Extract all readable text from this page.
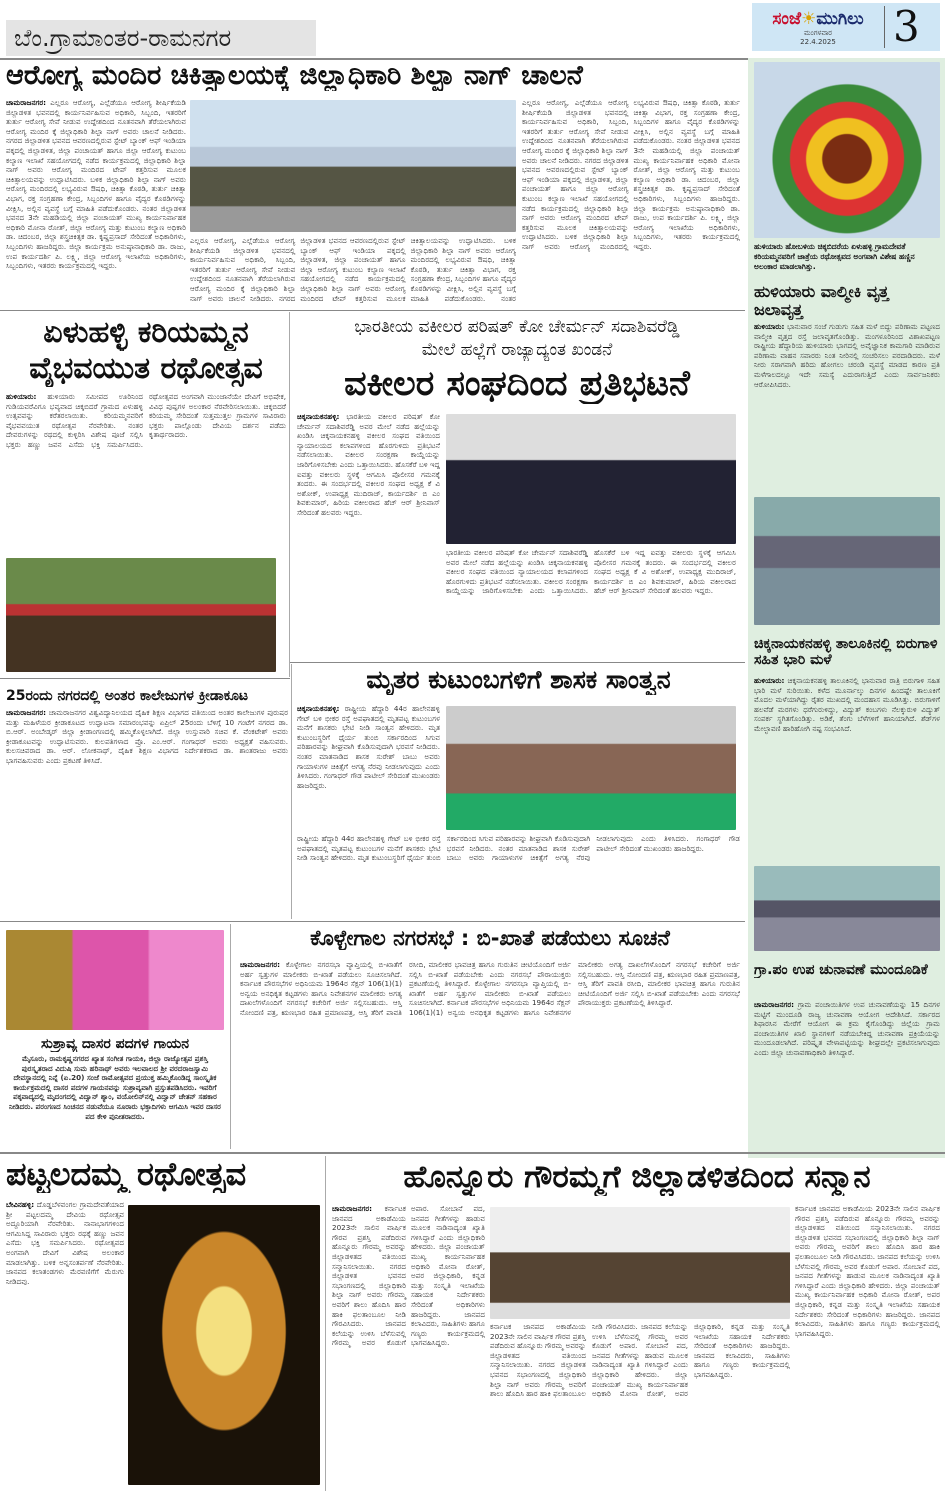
ಬೆಂ.ಗ್ರಾಮಾಂತರ-ರಾಮನಗರ
ಸಂಜೆ☀ಮುಗಿಲು
ಮಂಗಳವಾರ
22.4.2025	3
ಹುಳಿಯಾರು ಹೋಬಳಿಯ ಚಿಕ್ಕಬಿದರೆಯ ಏಳುಹಳ್ಳಿ ಗ್ರಾಮದೇವತೆ ಕರಿಯಮ್ಮನವರಿಗೆ ಜಾತ್ರೆಯ ರಥೋತ್ಸವದ ಅಂಗವಾಗಿ ವಿಶೇಷ ಹಣ್ಣಿನ ಅಲಂಕಾರ ಮಾಡಲಾಗಿತ್ತು.
ಹುಳಿಯಾರು ವಾಲ್ಮೀಕಿ ವೃತ್ತ ಜಲಾವೃತ್ತ
ಹುಳಿಯಾರು: ಭಾನುವಾರ ಸಂಜೆ ಗುಡುಗು ಸಹಿತ ಮಳೆ ಬಿದ್ದು ಪರಿಣಾಮ ಪಟ್ಟಣದ ವಾಲ್ಮೀಕಿ ವೃತ್ತದ ರಸ್ತೆ ಜಲಾವೃತಗೊಂಡಿತ್ತು. ಮಂಗಳೂರಿನಿಂದ ವಿಶಾಖಪಟ್ಟಣ ರಾಷ್ಟ್ರೀಯ ಹೆದ್ದಾರಿಯ ಹುಳಿಯಾರು ಭಾಗದಲ್ಲಿ ಅವೈಜ್ಞಾನಿಕ ಕಾಮಗಾರಿ ಮಾಡಿರುವ ಪರಿಣಾಮ ವಾಹನ ಸವಾರರು ನಿಂತ ನೀರಿನಲ್ಲಿ ಸಂಚರಿಸಲು ಪರದಾಡಿದರು. ಮಳೆ ನೀರು ಸರಾಗವಾಗಿ ಹರಿದು ಹೋಗಲು ಚರಂಡಿ ವ್ಯವಸ್ಥೆ ಮಾಡದ ಕಾರಣ ಪ್ರತಿ ಮಳೆಗಾಲದಲ್ಲೂ ಇದೇ ಸಮಸ್ಯೆ ಎದುರಾಗುತ್ತಿದೆ ಎಂದು ಸಾರ್ವಜನಿಕರು ಆರೋಪಿಸಿದರು.
ಚಿಕ್ಕನಾಯಕನಹಳ್ಳಿ ತಾಲೂಕಿನಲ್ಲಿ ಬಿರುಗಾಳಿ ಸಹಿತ ಭಾರಿ ಮಳೆ
ಹುಳಿಯಾರು: ಚಿಕ್ಕನಾಯಕನಹಳ್ಳಿ ತಾಲೂಕಿನಲ್ಲಿ ಭಾನುವಾರ ರಾತ್ರಿ ಬಿರುಗಾಳಿ ಸಹಿತ ಭಾರಿ ಮಳೆ ಸುರಿಯಿತು. ಕಳೆದ ಮೂರ್ನಾಲ್ಕು ದಿನಗಳ ಹಿಂದಷ್ಟೇ ತಾಲೂಕಿಗೆ ಮೊದಲ ಮಳೆಯಾಗಿದ್ದು ರೈತರ ಮುಖದಲ್ಲಿ ಮಂದಹಾಸ ಮೂಡಿಸಿತ್ತು. ಬಿರುಗಾಳಿಗೆ ಹಲವೆಡೆ ಮರಗಳು ಧರೆಗುರುಳಿದ್ದು, ವಿದ್ಯುತ್ ಕಂಬಗಳು ನೆಲಕ್ಕುರುಳಿ ವಿದ್ಯುತ್ ಸಂಪರ್ಕ ಸ್ಥಗಿತಗೊಂಡಿತ್ತು. ಅಡಿಕೆ, ತೆಂಗು ಬೆಳೆಗಳಿಗೆ ಹಾನಿಯಾಗಿದೆ. ಶೆಡ್‌ಗಳ ಮೇಲ್ಛಾವಣಿ ಹಾರಿಹೋಗಿ ನಷ್ಟ ಸಂಭವಿಸಿದೆ.
ಗ್ರಾ.ಪಂ ಉಪ ಚುನಾವಣೆ ಮುಂದೂಡಿಕೆ
ಚಾಮರಾಜನಗರ: ಗ್ರಾಮ ಪಂಚಾಯಿತಿಗಳ ಉಪ ಚುನಾವಣೆಯನ್ನು 15 ದಿನಗಳ ಮಟ್ಟಿಗೆ ಮುಂದೂಡಿ ರಾಜ್ಯ ಚುನಾವಣಾ ಆಯೋಗ ಆದೇಶಿಸಿದೆ. ಸರ್ಕಾರದ ಶಿಫಾರಸಿನ ಮೇರೆಗೆ ಆಯೋಗ ಈ ಕ್ರಮ ಕೈಗೊಂಡಿದ್ದು ಜಿಲ್ಲೆಯ ಗ್ರಾಮ ಪಂಚಾಯಿತಿಗಳ ಖಾಲಿ ಸ್ಥಾನಗಳಿಗೆ ನಡೆಯಬೇಕಿದ್ದ ಚುನಾವಣಾ ಪ್ರಕ್ರಿಯೆಯನ್ನು ಮುಂದೂಡಲಾಗಿದೆ. ಪರಿಷ್ಕೃತ ವೇಳಾಪಟ್ಟಿಯನ್ನು ಶೀಘ್ರದಲ್ಲೇ ಪ್ರಕಟಿಸಲಾಗುವುದು ಎಂದು ಜಿಲ್ಲಾ ಚುನಾವಣಾಧಿಕಾರಿ ತಿಳಿಸಿದ್ದಾರೆ.
ಆರೋಗ್ಯ ಮಂದಿರ ಚಿಕಿತ್ಸಾಲಯಕ್ಕೆ ಜಿಲ್ಲಾಧಿಕಾರಿ ಶಿಲ್ಪಾ ನಾಗ್ ಚಾಲನೆ
ಚಾಮರಾಜನಗರ: ಎಲ್ಲರೂ ಆರೋಗ್ಯ, ಎಲ್ಲೆಡೆಯೂ ಆರೋಗ್ಯ ಶೀರ್ಷಿಕೆಯಡಿ ಜಿಲ್ಲಾಡಳಿತ ಭವನದಲ್ಲಿ ಕಾರ್ಯನಿರ್ವಹಿಸುವ ಅಧಿಕಾರಿ, ಸಿಬ್ಬಂದಿ, ಇತರರಿಗೆ ತುರ್ತು ಆರೋಗ್ಯ ಸೇವೆ ನೀಡುವ ಉದ್ದೇಶದಿಂದ ನೂತನವಾಗಿ ತೆರೆಯಲಾಗಿರುವ ಆರೋಗ್ಯ ಮಂದಿರ ಕ್ಕೆ ಜಿಲ್ಲಾಧಿಕಾರಿ ಶಿಲ್ಪಾ ನಾಗ್ ಅವರು ಚಾಲನೆ ನೀಡಿದರು. ನಗರದ ಜಿಲ್ಲಾಡಳಿತ ಭವನದ ಆವರಣದಲ್ಲಿರುವ ಸ್ಟೇಟ್ ಬ್ಯಾಂಕ್ ಆಫ್ ಇಂಡಿಯಾ ಪಕ್ಕದಲ್ಲಿ ಜಿಲ್ಲಾಡಳಿತ, ಜಿಲ್ಲಾ ಪಂಚಾಯತ್ ಹಾಗೂ ಜಿಲ್ಲಾ ಆರೋಗ್ಯ ಕುಟುಂಬ ಕಲ್ಯಾಣ ಇಲಾಖೆ ಸಹಯೋಗದಲ್ಲಿ ನಡೆದ ಕಾರ್ಯಕ್ರಮದಲ್ಲಿ ಜಿಲ್ಲಾಧಿಕಾರಿ ಶಿಲ್ಪಾ ನಾಗ್ ಅವರು ಆರೋಗ್ಯ ಮಂದಿರದ ಟೇಪ್ ಕತ್ತರಿಸುವ ಮೂಲಕ ಚಿಕಿತ್ಸಾಲಯವನ್ನು ಉದ್ಘಾಟಿಸಿದರು. ಬಳಿಕ ಜಿಲ್ಲಾಧಿಕಾರಿ ಶಿಲ್ಪಾ ನಾಗ್ ಅವರು ಆರೋಗ್ಯ ಮಂದಿರದಲ್ಲಿ ಲಭ್ಯವಿರುವ ಔಷಧಿ, ಚಿಕಿತ್ಸಾ ಕೊಠಡಿ, ತುರ್ತು ಚಿಕಿತ್ಸಾ ವಿಭಾಗ, ರಕ್ತ ಸಂಗ್ರಹಣಾ ಕೇಂದ್ರ, ಸಿಬ್ಬಂದಿಗಳ ಹಾಗೂ ವೈದ್ಯರ ಕೊಠಡಿಗಳನ್ನು ವೀಕ್ಷಿಸಿ, ಅಲ್ಲಿನ ವ್ಯವಸ್ಥೆ ಬಗ್ಗೆ ಮಾಹಿತಿ ಪಡೆದುಕೊಂಡರು. ನಂತರ ಜಿಲ್ಲಾಡಳಿತ ಭವನದ 3ನೇ ಮಹಡಿಯಲ್ಲಿ ಜಿಲ್ಲಾ ಪಂಚಾಯತ್ ಮುಖ್ಯ ಕಾರ್ಯನಿರ್ವಾಹಕ ಅಧಿಕಾರಿ ಮೋನಾ ರೋತ್, ಜಿಲ್ಲಾ ಆರೋಗ್ಯ ಮತ್ತು ಕುಟುಂಬ ಕಲ್ಯಾಣ ಅಧಿಕಾರಿ ಡಾ. ಚಿದಂಬರ, ಜಿಲ್ಲಾ ಶಸ್ತ್ರಚಿಕಿತ್ಸಕ ಡಾ. ಕೃಷ್ಣಪ್ರಸಾದ್ ಸೇರಿದಂತೆ ಅಧಿಕಾರಿಗಳು, ಸಿಬ್ಬಂದಿಗಳು ಹಾಜರಿದ್ದರು. ಜಿಲ್ಲಾ ಕಾರ್ಯಕ್ರಮ ಅನುಷ್ಠಾನಾಧಿಕಾರಿ ಡಾ. ರಾಜು, ಉಪ ಕಾರ್ಯದರ್ಶಿ ಪಿ. ಲಕ್ಷ್ಮಿ, ಜಿಲ್ಲಾ ಆರೋಗ್ಯ ಇಲಾಖೆಯ ಅಧಿಕಾರಿಗಳು, ಸಿಬ್ಬಂದಿಗಳು, ಇತರರು ಕಾರ್ಯಕ್ರಮದಲ್ಲಿ ಇದ್ದರು.
ಎಲ್ಲರೂ ಆರೋಗ್ಯ, ಎಲ್ಲೆಡೆಯೂ ಆರೋಗ್ಯ ಶೀರ್ಷಿಕೆಯಡಿ ಜಿಲ್ಲಾಡಳಿತ ಭವನದಲ್ಲಿ ಕಾರ್ಯನಿರ್ವಹಿಸುವ ಅಧಿಕಾರಿ, ಸಿಬ್ಬಂದಿ, ಇತರರಿಗೆ ತುರ್ತು ಆರೋಗ್ಯ ಸೇವೆ ನೀಡುವ ಉದ್ದೇಶದಿಂದ ನೂತನವಾಗಿ ತೆರೆಯಲಾಗಿರುವ ಆರೋಗ್ಯ ಮಂದಿರ ಕ್ಕೆ ಜಿಲ್ಲಾಧಿಕಾರಿ ಶಿಲ್ಪಾ ನಾಗ್ ಅವರು ಚಾಲನೆ ನೀಡಿದರು. ನಗರದ ಜಿಲ್ಲಾಡಳಿತ ಭವನದ ಆವರಣದಲ್ಲಿರುವ ಸ್ಟೇಟ್ ಬ್ಯಾಂಕ್ ಆಫ್ ಇಂಡಿಯಾ ಪಕ್ಕದಲ್ಲಿ ಜಿಲ್ಲಾಡಳಿತ, ಜಿಲ್ಲಾ ಪಂಚಾಯತ್ ಹಾಗೂ ಜಿಲ್ಲಾ ಆರೋಗ್ಯ ಕುಟುಂಬ ಕಲ್ಯಾಣ ಇಲಾಖೆ ಸಹಯೋಗದಲ್ಲಿ ನಡೆದ ಕಾರ್ಯಕ್ರಮದಲ್ಲಿ ಜಿಲ್ಲಾಧಿಕಾರಿ ಶಿಲ್ಪಾ ನಾಗ್ ಅವರು ಆರೋಗ್ಯ ಮಂದಿರದ ಟೇಪ್ ಕತ್ತರಿಸುವ ಮೂಲಕ ಚಿಕಿತ್ಸಾಲಯವನ್ನು ಉದ್ಘಾಟಿಸಿದರು. ಬಳಿಕ ಜಿಲ್ಲಾಧಿಕಾರಿ ಶಿಲ್ಪಾ ನಾಗ್ ಅವರು ಆರೋಗ್ಯ ಮಂದಿರದಲ್ಲಿ ಲಭ್ಯವಿರುವ ಔಷಧಿ, ಚಿಕಿತ್ಸಾ ಕೊಠಡಿ, ತುರ್ತು ಚಿಕಿತ್ಸಾ ವಿಭಾಗ, ರಕ್ತ ಸಂಗ್ರಹಣಾ ಕೇಂದ್ರ, ಸಿಬ್ಬಂದಿಗಳ ಹಾಗೂ ವೈದ್ಯರ ಕೊಠಡಿಗಳನ್ನು ವೀಕ್ಷಿಸಿ, ಅಲ್ಲಿನ ವ್ಯವಸ್ಥೆ ಬಗ್ಗೆ ಮಾಹಿತಿ ಪಡೆದುಕೊಂಡರು. ನಂತರ
ಎಲ್ಲರೂ ಆರೋಗ್ಯ, ಎಲ್ಲೆಡೆಯೂ ಆರೋಗ್ಯ ಶೀರ್ಷಿಕೆಯಡಿ ಜಿಲ್ಲಾಡಳಿತ ಭವನದಲ್ಲಿ ಕಾರ್ಯನಿರ್ವಹಿಸುವ ಅಧಿಕಾರಿ, ಸಿಬ್ಬಂದಿ, ಇತರರಿಗೆ ತುರ್ತು ಆರೋಗ್ಯ ಸೇವೆ ನೀಡುವ ಉದ್ದೇಶದಿಂದ ನೂತನವಾಗಿ ತೆರೆಯಲಾಗಿರುವ ಆರೋಗ್ಯ ಮಂದಿರ ಕ್ಕೆ ಜಿಲ್ಲಾಧಿಕಾರಿ ಶಿಲ್ಪಾ ನಾಗ್ ಅವರು ಚಾಲನೆ ನೀಡಿದರು. ನಗರದ ಜಿಲ್ಲಾಡಳಿತ ಭವನದ ಆವರಣದಲ್ಲಿರುವ ಸ್ಟೇಟ್ ಬ್ಯಾಂಕ್ ಆಫ್ ಇಂಡಿಯಾ ಪಕ್ಕದಲ್ಲಿ ಜಿಲ್ಲಾಡಳಿತ, ಜಿಲ್ಲಾ ಪಂಚಾಯತ್ ಹಾಗೂ ಜಿಲ್ಲಾ ಆರೋಗ್ಯ ಕುಟುಂಬ ಕಲ್ಯಾಣ ಇಲಾಖೆ ಸಹಯೋಗದಲ್ಲಿ ನಡೆದ ಕಾರ್ಯಕ್ರಮದಲ್ಲಿ ಜಿಲ್ಲಾಧಿಕಾರಿ ಶಿಲ್ಪಾ ನಾಗ್ ಅವರು ಆರೋಗ್ಯ ಮಂದಿರದ ಟೇಪ್ ಕತ್ತರಿಸುವ ಮೂಲಕ ಚಿಕಿತ್ಸಾಲಯವನ್ನು ಉದ್ಘಾಟಿಸಿದರು. ಬಳಿಕ ಜಿಲ್ಲಾಧಿಕಾರಿ ಶಿಲ್ಪಾ ನಾಗ್ ಅವರು ಆರೋಗ್ಯ ಮಂದಿರದಲ್ಲಿ ಲಭ್ಯವಿರುವ ಔಷಧಿ, ಚಿಕಿತ್ಸಾ ಕೊಠಡಿ, ತುರ್ತು ಚಿಕಿತ್ಸಾ ವಿಭಾಗ, ರಕ್ತ ಸಂಗ್ರಹಣಾ ಕೇಂದ್ರ, ಸಿಬ್ಬಂದಿಗಳ ಹಾಗೂ ವೈದ್ಯರ ಕೊಠಡಿಗಳನ್ನು ವೀಕ್ಷಿಸಿ, ಅಲ್ಲಿನ ವ್ಯವಸ್ಥೆ ಬಗ್ಗೆ ಮಾಹಿತಿ ಪಡೆದುಕೊಂಡರು. ನಂತರ ಜಿಲ್ಲಾಡಳಿತ ಭವನದ 3ನೇ ಮಹಡಿಯಲ್ಲಿ ಜಿಲ್ಲಾ ಪಂಚಾಯತ್ ಮುಖ್ಯ ಕಾರ್ಯನಿರ್ವಾಹಕ ಅಧಿಕಾರಿ ಮೋನಾ ರೋತ್, ಜಿಲ್ಲಾ ಆರೋಗ್ಯ ಮತ್ತು ಕುಟುಂಬ ಕಲ್ಯಾಣ ಅಧಿಕಾರಿ ಡಾ. ಚಿದಂಬರ, ಜಿಲ್ಲಾ ಶಸ್ತ್ರಚಿಕಿತ್ಸಕ ಡಾ. ಕೃಷ್ಣಪ್ರಸಾದ್ ಸೇರಿದಂತೆ ಅಧಿಕಾರಿಗಳು, ಸಿಬ್ಬಂದಿಗಳು ಹಾಜರಿದ್ದರು. ಜಿಲ್ಲಾ ಕಾರ್ಯಕ್ರಮ ಅನುಷ್ಠಾನಾಧಿಕಾರಿ ಡಾ. ರಾಜು, ಉಪ ಕಾರ್ಯದರ್ಶಿ ಪಿ. ಲಕ್ಷ್ಮಿ, ಜಿಲ್ಲಾ ಆರೋಗ್ಯ ಇಲಾಖೆಯ ಅಧಿಕಾರಿಗಳು, ಸಿಬ್ಬಂದಿಗಳು, ಇತರರು ಕಾರ್ಯಕ್ರಮದಲ್ಲಿ ಇದ್ದರು.
ಏಳುಹಳ್ಳಿ ಕರಿಯಮ್ಮನ
ವೈಭವಯುತ ರಥೋತ್ಸವ
ಹುಳಿಯಾರು: ಹುಳಿಯಾರು ಸಮೀಪದ ಊರಿನಿಂದ ಗುಡಿಯವರೆವಿಗೂ ಭವ್ಯವಾದ ಚಿಕ್ಕಬಿದರೆ ಗ್ರಾಮದ ಏಳುಹಳ್ಳಿ ಉತ್ಸವವನ್ನು ಕರೆತರಲಾಯಿತು. ಕರಿಯಮ್ಮನವರಿಗೆ ವೈಭವವಯುತ ರಥೋತ್ಸವ ನೆರವೇರಿತು. ನಂತರ ದೇವರುಗಳನ್ನು ರಥದಲ್ಲಿ ಕುಳ್ಳಿರಿಸಿ ವಿಶೇಷ ಪೂಜೆ ಸಲ್ಲಿಸಿ ಭಕ್ತರು ಹಣ್ಣು ಜವನ ಎಸೆದು ಭಕ್ತಿ ಸಮರ್ಪಿಸಿದರು. ರಥೋತ್ಸವದ ಅಂಗವಾಗಿ ಮುಂಜಾನೆಯೇ ದೇವಿಗೆ ಅಭಿಷೇಕ, ವಿವಿಧ ಪುಷ್ಪಗಳ ಅಲಂಕಾರ ನೆರವೇರಿಸಲಾಯಿತು. ಚಿಕ್ಕಬಿದರೆ ಕರಿಯಮ್ಮ ಸೇರಿದಂತೆ ಸುತ್ತಮುತ್ತಲ ಗ್ರಾಮಗಳ ಸಾವಿರಾರು ಭಕ್ತರು ಪಾಲ್ಗೊಂಡು ದೇವಿಯ ದರ್ಶನ ಪಡೆದು ಕೃತಾರ್ಥರಾದರು.
ಭಾರತೀಯ ವಕೀಲರ ಪರಿಷತ್ ಕೋ ಚೇರ್ಮನ್ ಸದಾಶಿವರೆಡ್ಡಿ
ಮೇಲೆ ಹಲ್ಲೆಗೆ ರಾಜ್ಯಾದ್ಯಂತ ಖಂಡನೆ
ವಕೀಲರ ಸಂಘದಿಂದ ಪ್ರತಿಭಟನೆ
ಚಿಕ್ಕನಾಯಕನಹಳ್ಳಿ: ಭಾರತೀಯ ವಕೀಲರ ಪರಿಷತ್ ಕೋ ಚೇರ್ಮನ್ ಸದಾಶಿವರೆಡ್ಡಿ ಅವರ ಮೇಲೆ ನಡೆದ ಹಲ್ಲೆಯನ್ನು ಖಂಡಿಸಿ ಚಿಕ್ಕನಾಯಕನಹಳ್ಳಿ ವಕೀಲರ ಸಂಘದ ವತಿಯಿಂದ ನ್ಯಾಯಾಲಯದ ಕಲಾಪಗಳಿಂದ ಹೊರಗುಳಿದು ಪ್ರತಿಭಟನೆ ನಡೆಸಲಾಯಿತು. ವಕೀಲರ ಸಂರಕ್ಷಣಾ ಕಾಯ್ದೆಯನ್ನು ಜಾರಿಗೊಳಿಸಬೇಕು ಎಂದು ಒತ್ತಾಯಿಸಿದರು. ಹೊಸಕೆರೆ ಬಳಿ ಇದ್ದ ಐವತ್ತು ವಕೀಲರು ಸ್ಥಳಕ್ಕೆ ಆಗಮಿಸಿ ಪೊಲೀಸರ ಗಮನಕ್ಕೆ ತಂದರು. ಈ ಸಂದರ್ಭದಲ್ಲಿ ವಕೀಲರ ಸಂಘದ ಅಧ್ಯಕ್ಷ ಕೆ ವಿ ಅಶೋಕ್, ಉಪಾಧ್ಯಕ್ಷ ಮುದಿರಾಜ್, ಕಾರ್ಯದರ್ಶಿ ಬಿ ಎಂ ಶಿವಕುಮಾರ್, ಹಿರಿಯ ವಕೀಲರಾದ ಹೆಚ್ ಆರ್ ಶ್ರೀನಿವಾಸ್ ಸೇರಿದಂತೆ ಹಲವರು ಇದ್ದರು.
ಭಾರತೀಯ ವಕೀಲರ ಪರಿಷತ್ ಕೋ ಚೇರ್ಮನ್ ಸದಾಶಿವರೆಡ್ಡಿ ಅವರ ಮೇಲೆ ನಡೆದ ಹಲ್ಲೆಯನ್ನು ಖಂಡಿಸಿ ಚಿಕ್ಕನಾಯಕನಹಳ್ಳಿ ವಕೀಲರ ಸಂಘದ ವತಿಯಿಂದ ನ್ಯಾಯಾಲಯದ ಕಲಾಪಗಳಿಂದ ಹೊರಗುಳಿದು ಪ್ರತಿಭಟನೆ ನಡೆಸಲಾಯಿತು. ವಕೀಲರ ಸಂರಕ್ಷಣಾ ಕಾಯ್ದೆಯನ್ನು ಜಾರಿಗೊಳಿಸಬೇಕು ಎಂದು ಒತ್ತಾಯಿಸಿದರು. ಹೊಸಕೆರೆ ಬಳಿ ಇದ್ದ ಐವತ್ತು ವಕೀಲರು ಸ್ಥಳಕ್ಕೆ ಆಗಮಿಸಿ ಪೊಲೀಸರ ಗಮನಕ್ಕೆ ತಂದರು. ಈ ಸಂದರ್ಭದಲ್ಲಿ ವಕೀಲರ ಸಂಘದ ಅಧ್ಯಕ್ಷ ಕೆ ವಿ ಅಶೋಕ್, ಉಪಾಧ್ಯಕ್ಷ ಮುದಿರಾಜ್, ಕಾರ್ಯದರ್ಶಿ ಬಿ ಎಂ ಶಿವಕುಮಾರ್, ಹಿರಿಯ ವಕೀಲರಾದ ಹೆಚ್ ಆರ್ ಶ್ರೀನಿವಾಸ್ ಸೇರಿದಂತೆ ಹಲವರು ಇದ್ದರು.
25ರಂದು ನಗರದಲ್ಲಿ ಅಂತರ ಕಾಲೇಜುಗಳ ಕ್ರೀಡಾಕೂಟ
ಚಾಮರಾಜನಗರ: ಚಾಮರಾಜನಗರ ವಿಶ್ವವಿದ್ಯಾನಿಲಯದ ದೈಹಿಕ ಶಿಕ್ಷಣ ವಿಭಾಗದ ವತಿಯಿಂದ ಅಂತರ ಕಾಲೇಜುಗಳ ಪುರುಷರ ಮತ್ತು ಮಹಿಳೆಯರ ಕ್ರೀಡಾಕೂಟದ ಉದ್ಘಾಟನಾ ಸಮಾರಂಭವನ್ನು ಏಪ್ರಿಲ್ 25ರಂದು ಬೆಳಿಗ್ಗೆ 10 ಗಂಟೆಗೆ ನಗರದ ಡಾ. ಬಿ.ಆರ್. ಅಂಬೇಡ್ಕರ್ ಜಿಲ್ಲಾ ಕ್ರೀಡಾಂಗಣದಲ್ಲಿ ಹಮ್ಮಿಕೊಳ್ಳಲಾಗಿದೆ. ಜಿಲ್ಲಾ ಉಸ್ತುವಾರಿ ಸಚಿವ ಕೆ. ವೆಂಕಟೇಶ್ ಅವರು ಕ್ರೀಡಾಕೂಟವನ್ನು ಉದ್ಘಾಟಿಸುವರು. ಕುಲಪತಿಗಳಾದ ಪ್ರೊ. ಎಂ.ಆರ್. ಗಂಗಾಧರ್ ಅವರು ಅಧ್ಯಕ್ಷತೆ ವಹಿಸುವರು. ಕುಲಸಚಿವರಾದ ಡಾ. ಆರ್. ಲೋಕನಾಥ್, ದೈಹಿಕ ಶಿಕ್ಷಣ ವಿಭಾಗದ ನಿರ್ದೇಶಕರಾದ ಡಾ. ಶಾಂತರಾಜು ಅವರು ಭಾಗವಹಿಸುವರು ಎಂದು ಪ್ರಕಟಣೆ ತಿಳಿಸಿದೆ.
ಮೃತರ ಕುಟುಂಬಗಳಿಗೆ ಶಾಸಕ ಸಾಂತ್ವನ
ಚಿಕ್ಕನಾಯಕನಹಳ್ಳಿ: ರಾಷ್ಟ್ರೀಯ ಹೆದ್ದಾರಿ 44ರ ಹಾಲೇನಹಳ್ಳಿ ಗೇಟ್ ಬಳಿ ಭೀಕರ ರಸ್ತೆ ಅಪಘಾತದಲ್ಲಿ ಮೃತಪಟ್ಟ ಕುಟುಂಬಗಳ ಮನೆಗೆ ಶಾಸಕರು ಭೇಟಿ ನೀಡಿ ಸಾಂತ್ವನ ಹೇಳಿದರು. ಮೃತ ಕುಟುಂಬಸ್ಥರಿಗೆ ಧೈರ್ಯ ತುಂಬಿ ಸರ್ಕಾರದಿಂದ ಸಿಗುವ ಪರಿಹಾರವನ್ನು ಶೀಘ್ರವಾಗಿ ಕೊಡಿಸುವುದಾಗಿ ಭರವಸೆ ನೀಡಿದರು. ನಂತರ ಮಾತನಾಡಿದ ಶಾಸಕ ಸುರೇಶ್ ಬಾಬು ಅವರು ಗಾಯಾಳುಗಳ ಚಿಕಿತ್ಸೆಗೆ ಅಗತ್ಯ ನೆರವು ನೀಡಲಾಗುವುದು ಎಂದು ತಿಳಿಸಿದರು. ಗಂಗಾಧರ್ ಗೌಡ ಪಾಟೀಲ್ ಸೇರಿದಂತೆ ಮುಖಂಡರು ಹಾಜರಿದ್ದರು.
ರಾಷ್ಟ್ರೀಯ ಹೆದ್ದಾರಿ 44ರ ಹಾಲೇನಹಳ್ಳಿ ಗೇಟ್ ಬಳಿ ಭೀಕರ ರಸ್ತೆ ಅಪಘಾತದಲ್ಲಿ ಮೃತಪಟ್ಟ ಕುಟುಂಬಗಳ ಮನೆಗೆ ಶಾಸಕರು ಭೇಟಿ ನೀಡಿ ಸಾಂತ್ವನ ಹೇಳಿದರು. ಮೃತ ಕುಟುಂಬಸ್ಥರಿಗೆ ಧೈರ್ಯ ತುಂಬಿ ಸರ್ಕಾರದಿಂದ ಸಿಗುವ ಪರಿಹಾರವನ್ನು ಶೀಘ್ರವಾಗಿ ಕೊಡಿಸುವುದಾಗಿ ಭರವಸೆ ನೀಡಿದರು. ನಂತರ ಮಾತನಾಡಿದ ಶಾಸಕ ಸುರೇಶ್ ಬಾಬು ಅವರು ಗಾಯಾಳುಗಳ ಚಿಕಿತ್ಸೆಗೆ ಅಗತ್ಯ ನೆರವು ನೀಡಲಾಗುವುದು ಎಂದು ತಿಳಿಸಿದರು. ಗಂಗಾಧರ್ ಗೌಡ ಪಾಟೀಲ್ ಸೇರಿದಂತೆ ಮುಖಂಡರು ಹಾಜರಿದ್ದರು.
ಸುಶ್ರಾವ್ಯ ದಾಸರ ಪದಗಳ ಗಾಯನ
ಮೈಸೂರು, ರಾಮಕೃಷ್ಣನಗರದ ಖ್ಯಾತ ಸಂಗೀತ ಗಾಯಕಿ, ಜಿಲ್ಲಾ ರಾಜ್ಯೋತ್ಸವ ಪ್ರಶಸ್ತಿ ಪುರಸ್ಕೃತರಾದ ವಿದುಷಿ ಸುಮ ಹರಿನಾಥ್ ಅವರು ಇಲವಾಲದ ಶ್ರೀ ವರದರಾಜಸ್ವಾಮಿ ದೇವಸ್ಥಾನದಲ್ಲಿ ನಿನ್ನೆ (ಏ.20) ಸಂಜೆ ರಾಮೋತ್ಸವದ ಪ್ರಯುಕ್ತ ಹಮ್ಮಿಕೊಂಡಿದ್ದ ಸಾಂಸ್ಕೃತಿಕ ಕಾರ್ಯಕ್ರಮದಲ್ಲಿ ದಾಸರ ಪದಗಳ ಗಾಯನವನ್ನು ಸುಶ್ರಾವ್ಯವಾಗಿ ಪ್ರಸ್ತುತಪಡಿಸಿದರು. ಇವರಿಗೆ ಪಕ್ಕವಾದ್ಯದಲ್ಲಿ ಮೃದಂಗದಲ್ಲಿ ವಿದ್ವಾನ್ ಶ್ಯಾಂ, ವಯೋಲಿನ್‌ನಲ್ಲಿ ವಿದ್ವಾನ್ ಚೇತನ್ ಸಹಕಾರ ನೀಡಿದರು. ಪರಂಗಣದ ಸಿಂಚನದ ನಡುವೆಯೂ ನೂರಾರು ಭಕ್ತಾದಿಗಳು ಆಗಮಿಸಿ ಇವರ ದಾಸರ ಪದ ಕೇಳಿ ಪುನೀತರಾದರು.
ಕೊಳ್ಳೇಗಾಲ ನಗರಸಭೆ : ಬಿ-ಖಾತೆ ಪಡೆಯಲು ಸೂಚನೆ
ಚಾಮರಾಜನಗರ: ಕೊಳ್ಳೇಗಾಲ ನಗರಸಭಾ ವ್ಯಾಪ್ತಿಯಲ್ಲಿ ಬಿ-ಖಾತೆಗೆ ಅರ್ಹ ಸ್ವತ್ತುಗಳ ಮಾಲೀಕರು ಬಿ-ಖಾತೆ ಪಡೆಯಲು ಸೂಚಿಸಲಾಗಿದೆ. ಕರ್ನಾಟಕ ಪೌರಸಭೆಗಳ ಅಧಿನಿಯಮ 1964ರ ಸೆಕ್ಷನ್ 106(1)(1) ಅನ್ವಯ ಅನಧಿಕೃತ ಕಟ್ಟಡಗಳು ಹಾಗೂ ನಿವೇಶನಗಳ ಮಾಲೀಕರು ಅಗತ್ಯ ದಾಖಲೆಗಳೊಂದಿಗೆ ನಗರಸಭೆ ಕಚೇರಿಗೆ ಅರ್ಜಿ ಸಲ್ಲಿಸಬಹುದು. ಆಸ್ತಿ ನೋಂದಣಿ ಪತ್ರ, ಋಣಭಾರ ರಹಿತ ಪ್ರಮಾಣಪತ್ರ, ಆಸ್ತಿ ತೆರಿಗೆ ಪಾವತಿ ರಸೀದಿ, ಮಾಲೀಕರ ಭಾವಚಿತ್ರ ಹಾಗೂ ಗುರುತಿನ ಚೀಟಿಯೊಂದಿಗೆ ಅರ್ಜಿ ಸಲ್ಲಿಸಿ ಬಿ-ಖಾತೆ ಪಡೆಯಬೇಕು ಎಂದು ನಗರಸಭೆ ಪೌರಾಯುಕ್ತರು ಪ್ರಕಟಣೆಯಲ್ಲಿ ತಿಳಿಸಿದ್ದಾರೆ. ಕೊಳ್ಳೇಗಾಲ ನಗರಸಭಾ ವ್ಯಾಪ್ತಿಯಲ್ಲಿ ಬಿ-ಖಾತೆಗೆ ಅರ್ಹ ಸ್ವತ್ತುಗಳ ಮಾಲೀಕರು ಬಿ-ಖಾತೆ ಪಡೆಯಲು ಸೂಚಿಸಲಾಗಿದೆ. ಕರ್ನಾಟಕ ಪೌರಸಭೆಗಳ ಅಧಿನಿಯಮ 1964ರ ಸೆಕ್ಷನ್ 106(1)(1) ಅನ್ವಯ ಅನಧಿಕೃತ ಕಟ್ಟಡಗಳು ಹಾಗೂ ನಿವೇಶನಗಳ ಮಾಲೀಕರು ಅಗತ್ಯ ದಾಖಲೆಗಳೊಂದಿಗೆ ನಗರಸಭೆ ಕಚೇರಿಗೆ ಅರ್ಜಿ ಸಲ್ಲಿಸಬಹುದು. ಆಸ್ತಿ ನೋಂದಣಿ ಪತ್ರ, ಋಣಭಾರ ರಹಿತ ಪ್ರಮಾಣಪತ್ರ, ಆಸ್ತಿ ತೆರಿಗೆ ಪಾವತಿ ರಸೀದಿ, ಮಾಲೀಕರ ಭಾವಚಿತ್ರ ಹಾಗೂ ಗುರುತಿನ ಚೀಟಿಯೊಂದಿಗೆ ಅರ್ಜಿ ಸಲ್ಲಿಸಿ ಬಿ-ಖಾತೆ ಪಡೆಯಬೇಕು ಎಂದು ನಗರಸಭೆ ಪೌರಾಯುಕ್ತರು ಪ್ರಕಟಣೆಯಲ್ಲಿ ತಿಳಿಸಿದ್ದಾರೆ.
ಪಟ್ಟಲದಮ್ಮ ರಥೋತ್ಸವ
ಬೇವಿನಹಳ್ಳಿ: ದೊಡ್ಡಬೆಳವಂಗಲ ಗ್ರಾಮದೇವತೆಯಾದ ಶ್ರೀ ಪಟ್ಟಲದಮ್ಮ ದೇವಿಯ ರಥೋತ್ಸವ ಅದ್ದೂರಿಯಾಗಿ ನೆರವೇರಿತು. ನಾನಾಭಾಗಗಳಿಂದ ಆಗಮಿಸಿದ್ದ ಸಾವಿರಾರು ಭಕ್ತರು ರಥಕ್ಕೆ ಹಣ್ಣು ಜವನ ಎಸೆದು ಭಕ್ತಿ ಸಮರ್ಪಿಸಿದರು. ರಥೋತ್ಸವದ ಅಂಗವಾಗಿ ದೇವಿಗೆ ವಿಶೇಷ ಅಲಂಕಾರ ಮಾಡಲಾಗಿತ್ತು. ಬಳಿಕ ಅನ್ನಸಂತರ್ಪಣೆ ನೆರವೇರಿತು. ಜಾನಪದ ಕಲಾತಂಡಗಳು ಮೆರವಣಿಗೆಗೆ ಮೆರುಗು ನೀಡಿದವು.
ಹೊನ್ನೂರು ಗೌರಮ್ಮಗೆ ಜಿಲ್ಲಾಡಳಿತದಿಂದ ಸನ್ಮಾನ
ಚಾಮರಾಜನಗರ: ಕರ್ನಾಟಕ ಜಾನಪದ ಅಕಾಡೆಮಿಯ 2023ನೇ ಸಾಲಿನ ವಾರ್ಷಿಕ ಗೌರವ ಪ್ರಶಸ್ತಿ ಪಡೆದಿರುವ ಹೊನ್ನೂರು ಗೌರಮ್ಮ ಅವರನ್ನು ಜಿಲ್ಲಾಡಳಿತದ ವತಿಯಿಂದ ಸನ್ಮಾನಿಸಲಾಯಿತು. ನಗರದ ಜಿಲ್ಲಾಡಳಿತ ಭವನದ ಸಭಾಂಗಣದಲ್ಲಿ ಜಿಲ್ಲಾಧಿಕಾರಿ ಶಿಲ್ಪಾ ನಾಗ್ ಅವರು ಗೌರಮ್ಮ ಅವರಿಗೆ ಶಾಲು ಹೊದಿಸಿ ಹಾರ ಹಾಕಿ ಫಲತಾಂಬೂಲ ನೀಡಿ ಗೌರವಿಸಿದರು. ಜಾನಪದ ಕಲೆಯನ್ನು ಉಳಿಸಿ ಬೆಳೆಸುವಲ್ಲಿ ಗೌರಮ್ಮ ಅವರ ಕೊಡುಗೆ ಅಪಾರ. ಸೋಬಾನೆ ಪದ, ಜನಪದ ಗೀತೆಗಳನ್ನು ಹಾಡುವ ಮೂಲಕ ನಾಡಿನಾದ್ಯಂತ ಖ್ಯಾತಿ ಗಳಿಸಿದ್ದಾರೆ ಎಂದು ಜಿಲ್ಲಾಧಿಕಾರಿ ಹೇಳಿದರು. ಜಿಲ್ಲಾ ಪಂಚಾಯತ್ ಮುಖ್ಯ ಕಾರ್ಯನಿರ್ವಾಹಕ ಅಧಿಕಾರಿ ಮೋನಾ ರೋತ್, ಅಪರ ಜಿಲ್ಲಾಧಿಕಾರಿ, ಕನ್ನಡ ಮತ್ತು ಸಂಸ್ಕೃತಿ ಇಲಾಖೆಯ ಸಹಾಯಕ ನಿರ್ದೇಶಕರು ಸೇರಿದಂತೆ ಅಧಿಕಾರಿಗಳು ಹಾಜರಿದ್ದರು. ಜಾನಪದ ಕಲಾವಿದರು, ಸಾಹಿತಿಗಳು ಹಾಗೂ ಗಣ್ಯರು ಕಾರ್ಯಕ್ರಮದಲ್ಲಿ ಭಾಗವಹಿಸಿದ್ದರು.
ಕರ್ನಾಟಕ ಜಾನಪದ ಅಕಾಡೆಮಿಯ 2023ನೇ ಸಾಲಿನ ವಾರ್ಷಿಕ ಗೌರವ ಪ್ರಶಸ್ತಿ ಪಡೆದಿರುವ ಹೊನ್ನೂರು ಗೌರಮ್ಮ ಅವರನ್ನು ಜಿಲ್ಲಾಡಳಿತದ ವತಿಯಿಂದ ಸನ್ಮಾನಿಸಲಾಯಿತು. ನಗರದ ಜಿಲ್ಲಾಡಳಿತ ಭವನದ ಸಭಾಂಗಣದಲ್ಲಿ ಜಿಲ್ಲಾಧಿಕಾರಿ ಶಿಲ್ಪಾ ನಾಗ್ ಅವರು ಗೌರಮ್ಮ ಅವರಿಗೆ ಶಾಲು ಹೊದಿಸಿ ಹಾರ ಹಾಕಿ ಫಲತಾಂಬೂಲ ನೀಡಿ ಗೌರವಿಸಿದರು. ಜಾನಪದ ಕಲೆಯನ್ನು ಉಳಿಸಿ ಬೆಳೆಸುವಲ್ಲಿ ಗೌರಮ್ಮ ಅವರ ಕೊಡುಗೆ ಅಪಾರ. ಸೋಬಾನೆ ಪದ, ಜನಪದ ಗೀತೆಗಳನ್ನು ಹಾಡುವ ಮೂಲಕ ನಾಡಿನಾದ್ಯಂತ ಖ್ಯಾತಿ ಗಳಿಸಿದ್ದಾರೆ ಎಂದು ಜಿಲ್ಲಾಧಿಕಾರಿ ಹೇಳಿದರು. ಜಿಲ್ಲಾ ಪಂಚಾಯತ್ ಮುಖ್ಯ ಕಾರ್ಯನಿರ್ವಾಹಕ ಅಧಿಕಾರಿ ಮೋನಾ ರೋತ್, ಅಪರ ಜಿಲ್ಲಾಧಿಕಾರಿ, ಕನ್ನಡ ಮತ್ತು ಸಂಸ್ಕೃತಿ ಇಲಾಖೆಯ ಸಹಾಯಕ ನಿರ್ದೇಶಕರು ಸೇರಿದಂತೆ ಅಧಿಕಾರಿಗಳು ಹಾಜರಿದ್ದರು. ಜಾನಪದ ಕಲಾವಿದರು, ಸಾಹಿತಿಗಳು ಹಾಗೂ ಗಣ್ಯರು ಕಾರ್ಯಕ್ರಮದಲ್ಲಿ ಭಾಗವಹಿಸಿದ್ದರು.
ಕರ್ನಾಟಕ ಜಾನಪದ ಅಕಾಡೆಮಿಯ 2023ನೇ ಸಾಲಿನ ವಾರ್ಷಿಕ ಗೌರವ ಪ್ರಶಸ್ತಿ ಪಡೆದಿರುವ ಹೊನ್ನೂರು ಗೌರಮ್ಮ ಅವರನ್ನು ಜಿಲ್ಲಾಡಳಿತದ ವತಿಯಿಂದ ಸನ್ಮಾನಿಸಲಾಯಿತು. ನಗರದ ಜಿಲ್ಲಾಡಳಿತ ಭವನದ ಸಭಾಂಗಣದಲ್ಲಿ ಜಿಲ್ಲಾಧಿಕಾರಿ ಶಿಲ್ಪಾ ನಾಗ್ ಅವರು ಗೌರಮ್ಮ ಅವರಿಗೆ ಶಾಲು ಹೊದಿಸಿ ಹಾರ ಹಾಕಿ ಫಲತಾಂಬೂಲ ನೀಡಿ ಗೌರವಿಸಿದರು. ಜಾನಪದ ಕಲೆಯನ್ನು ಉಳಿಸಿ ಬೆಳೆಸುವಲ್ಲಿ ಗೌರಮ್ಮ ಅವರ ಕೊಡುಗೆ ಅಪಾರ. ಸೋಬಾನೆ ಪದ, ಜನಪದ ಗೀತೆಗಳನ್ನು ಹಾಡುವ ಮೂಲಕ ನಾಡಿನಾದ್ಯಂತ ಖ್ಯಾತಿ ಗಳಿಸಿದ್ದಾರೆ ಎಂದು ಜಿಲ್ಲಾಧಿಕಾರಿ ಹೇಳಿದರು. ಜಿಲ್ಲಾ ಪಂಚಾಯತ್ ಮುಖ್ಯ ಕಾರ್ಯನಿರ್ವಾಹಕ ಅಧಿಕಾರಿ ಮೋನಾ ರೋತ್, ಅಪರ ಜಿಲ್ಲಾಧಿಕಾರಿ, ಕನ್ನಡ ಮತ್ತು ಸಂಸ್ಕೃತಿ ಇಲಾಖೆಯ ಸಹಾಯಕ ನಿರ್ದೇಶಕರು ಸೇರಿದಂತೆ ಅಧಿಕಾರಿಗಳು ಹಾಜರಿದ್ದರು. ಜಾನಪದ ಕಲಾವಿದರು, ಸಾಹಿತಿಗಳು ಹಾಗೂ ಗಣ್ಯರು ಕಾರ್ಯಕ್ರಮದಲ್ಲಿ ಭಾಗವಹಿಸಿದ್ದರು.
